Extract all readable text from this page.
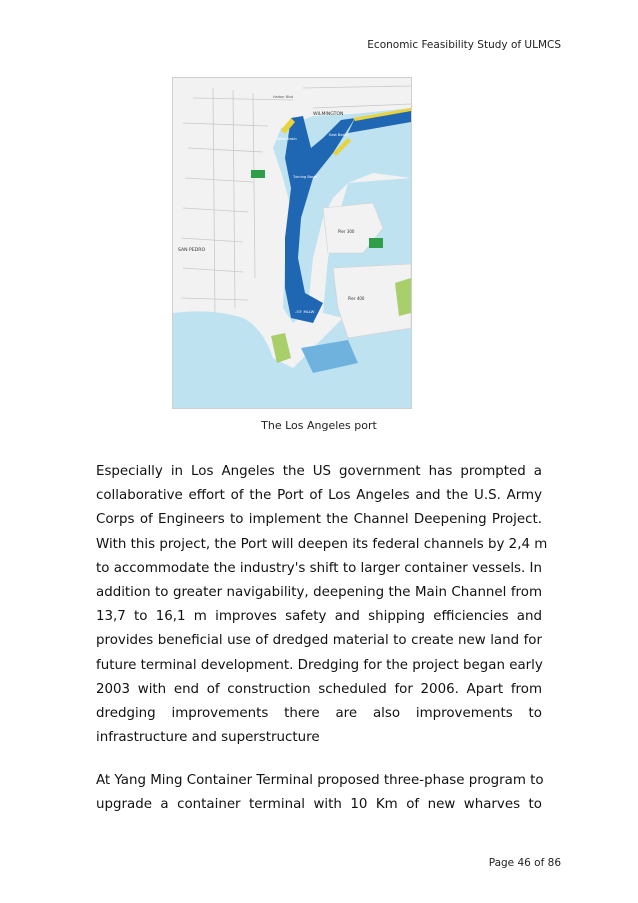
Economic Feasibility Study of ULMCS
WILMINGTON
SAN PEDRO
West Basin
East Basin
Turning Basin
Pier 300
Pier 400
-53' MLLW
Harbor Blvd
The Los Angeles port
Especially in Los Angeles the US government has prompted a
collaborative effort of the Port of Los Angeles and the U.S. Army
Corps of Engineers to implement the Channel Deepening Project.
With this project, the Port will deepen its federal channels by 2,4 m
to accommodate the industry's shift to larger container vessels. In
addition to greater navigability, deepening the Main Channel from
13,7 to 16,1 m improves safety and shipping efficiencies and
provides beneficial use of dredged material to create new land for
future terminal development. Dredging for the project began early
2003 with end of construction scheduled for 2006. Apart from
dredging improvements there are also improvements to
infrastructure and superstructure
At Yang Ming Container Terminal proposed three-phase program to
upgrade a container terminal with 10 Km of new wharves to
Page 46 of 86
